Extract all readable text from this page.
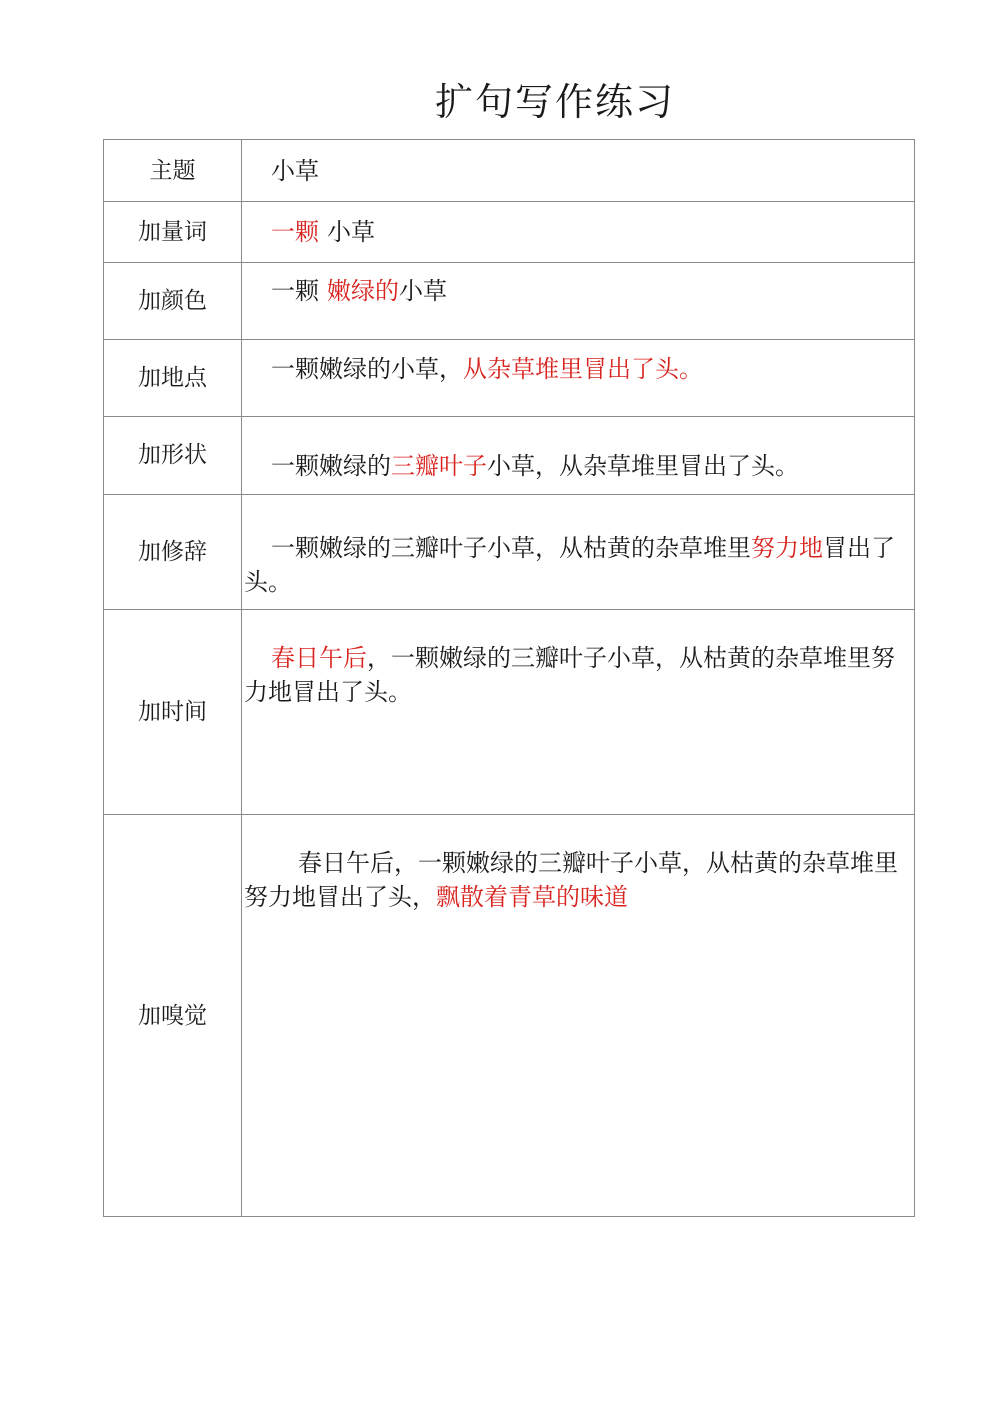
扩句写作练习
主题	小草

加量词	一颗 小草

加颜色	一颗 嫩绿的小草

加地点	一颗嫩绿的小草，从杂草堆里冒出了头。

加形状	一颗嫩绿的三瓣叶子小草，从杂草堆里冒出了头。

加修辞	一颗嫩绿的三瓣叶子小草，从枯黄的杂草堆里努力地冒出了头。

加时间	春日午后，一颗嫩绿的三瓣叶子小草，从枯黄的杂草堆里努力地冒出了头。

加嗅觉	春日午后，一颗嫩绿的三瓣叶子小草，从枯黄的杂草堆里努力地冒出了头，飘散着青草的味道
